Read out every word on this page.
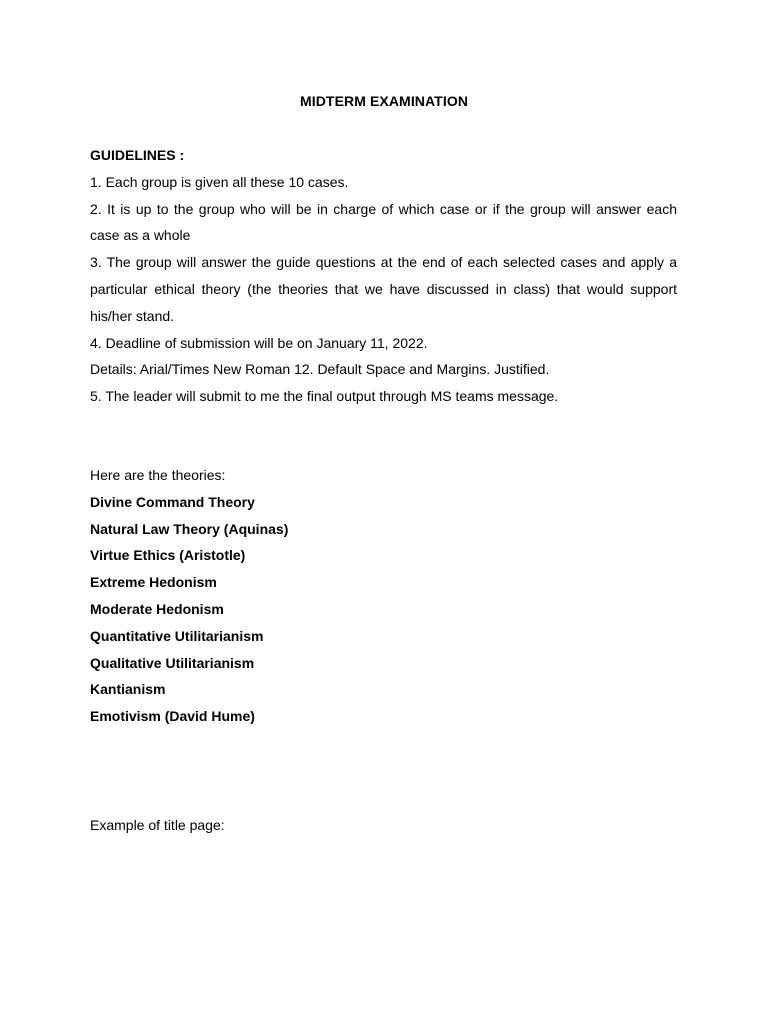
MIDTERM EXAMINATION

GUIDELINES :

1. Each group is given all these 10 cases.

2. It is up to the group who will be in charge of which case or if the group will answer each case as a whole

3. The group will answer the guide questions at the end of each selected cases and apply a particular ethical theory (the theories that we have discussed in class) that would support his/her stand.

4. Deadline of submission will be on January 11, 2022.

Details: Arial/Times New Roman 12. Default Space and Margins. Justified.

5. The leader will submit to me the final output through MS teams message.

Here are the theories:

Divine Command Theory

Natural Law Theory (Aquinas)

Virtue Ethics (Aristotle)

Extreme Hedonism

Moderate Hedonism

Quantitative Utilitarianism

Qualitative Utilitarianism

Kantianism

Emotivism (David Hume)

Example of title page:
